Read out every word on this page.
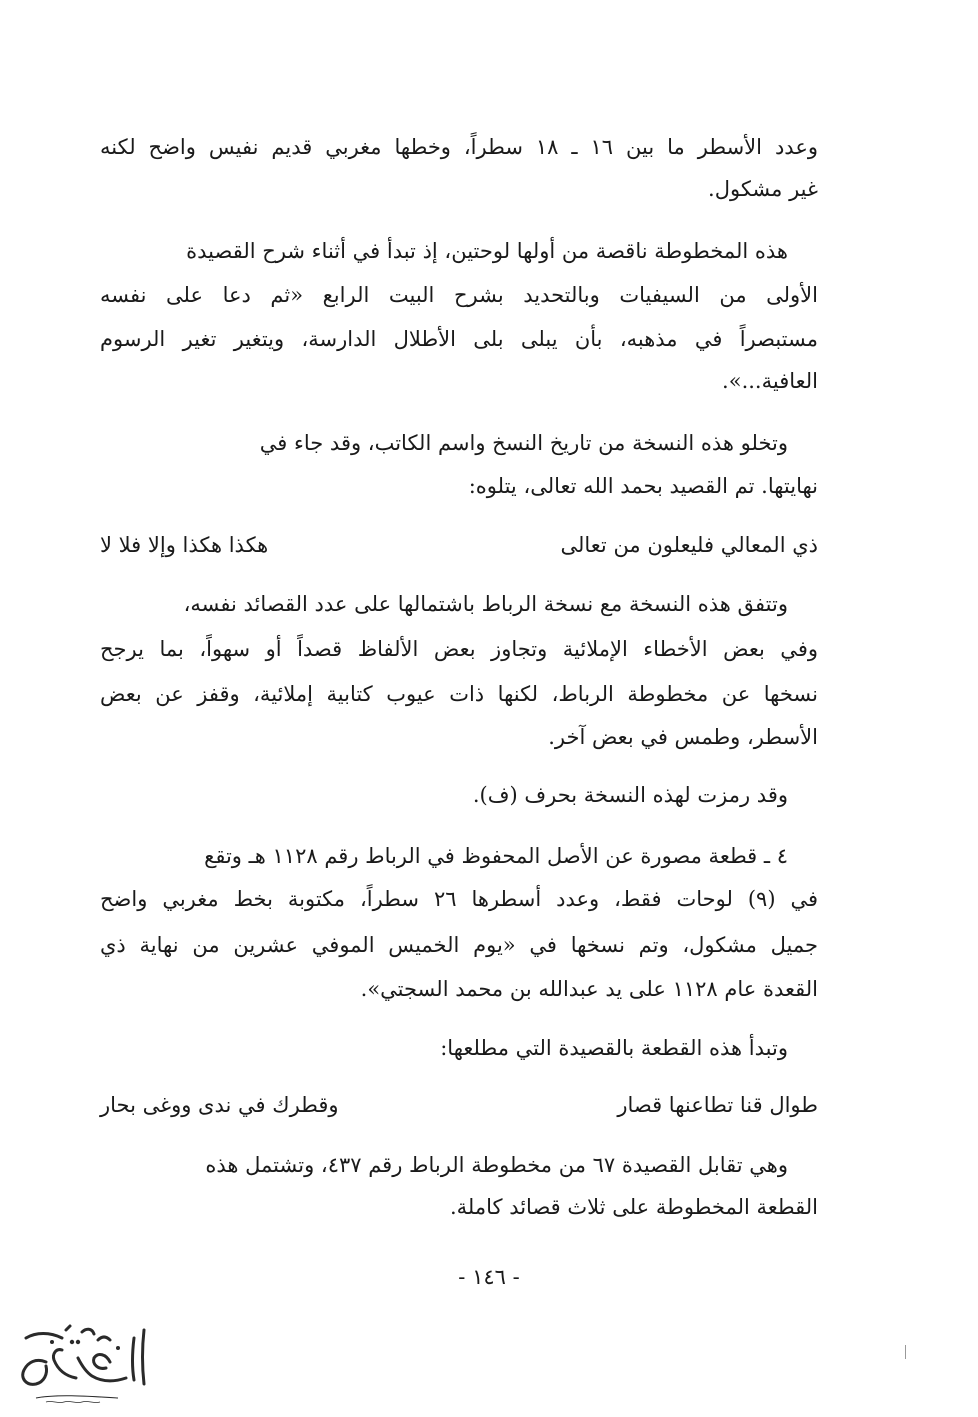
وعدد الأسطر ما بين ١٦ ـ ١٨ سطراً، وخطها مغربي قديم نفيس واضح لكنه
غير مشكول.
هذه المخطوطة ناقصة من أولها لوحتين، إذ تبدأ في أثناء شرح القصيدة
الأولى من السيفيات وبالتحديد بشرح البيت الرابع «ثم دعا على نفسه
مستبصراً في مذهبه، بأن يبلى بلى الأطلال الدارسة، ويتغير تغير الرسوم
العافية...».
وتخلو هذه النسخة من تاريخ النسخ واسم الكاتب، وقد جاء في
نهايتها. تم القصيد بحمد الله تعالى، يتلوه:
ذي المعالي فليعلون من تعالى
هكذا هكذا وإلا فلا لا
وتتفق هذه النسخة مع نسخة الرباط باشتمالها على عدد القصائد نفسه،
وفي بعض الأخطاء الإملائية وتجاوز بعض الألفاظ قصداً أو سهواً، بما يرجح
نسخها عن مخطوطة الرباط، لكنها ذات عيوب كتابية إملائية، وقفز عن بعض
الأسطر، وطمس في بعض آخر.
وقد رمزت لهذه النسخة بحرف (ف).
٤ ـ قطعة مصورة عن الأصل المحفوظ في الرباط رقم ١١٢٨ هـ وتقع
في (٩) لوحات فقط، وعدد أسطرها ٢٦ سطراً، مكتوبة بخط مغربي واضح
جميل مشكول، وتم نسخها في «يوم الخميس الموفي عشرين من نهاية ذي
القعدة عام ١١٢٨ على يد عبدالله بن محمد السجتي».
وتبدأ هذه القطعة بالقصيدة التي مطلعها:
طوال قنا تطاعنها قصار
وقطرك في ندى ووغى بحار
وهي تقابل القصيدة ٦٧ من مخطوطة الرباط رقم ٤٣٧، وتشتمل هذه
القطعة المخطوطة على ثلاث قصائد كاملة.
- ١٤٦ -
